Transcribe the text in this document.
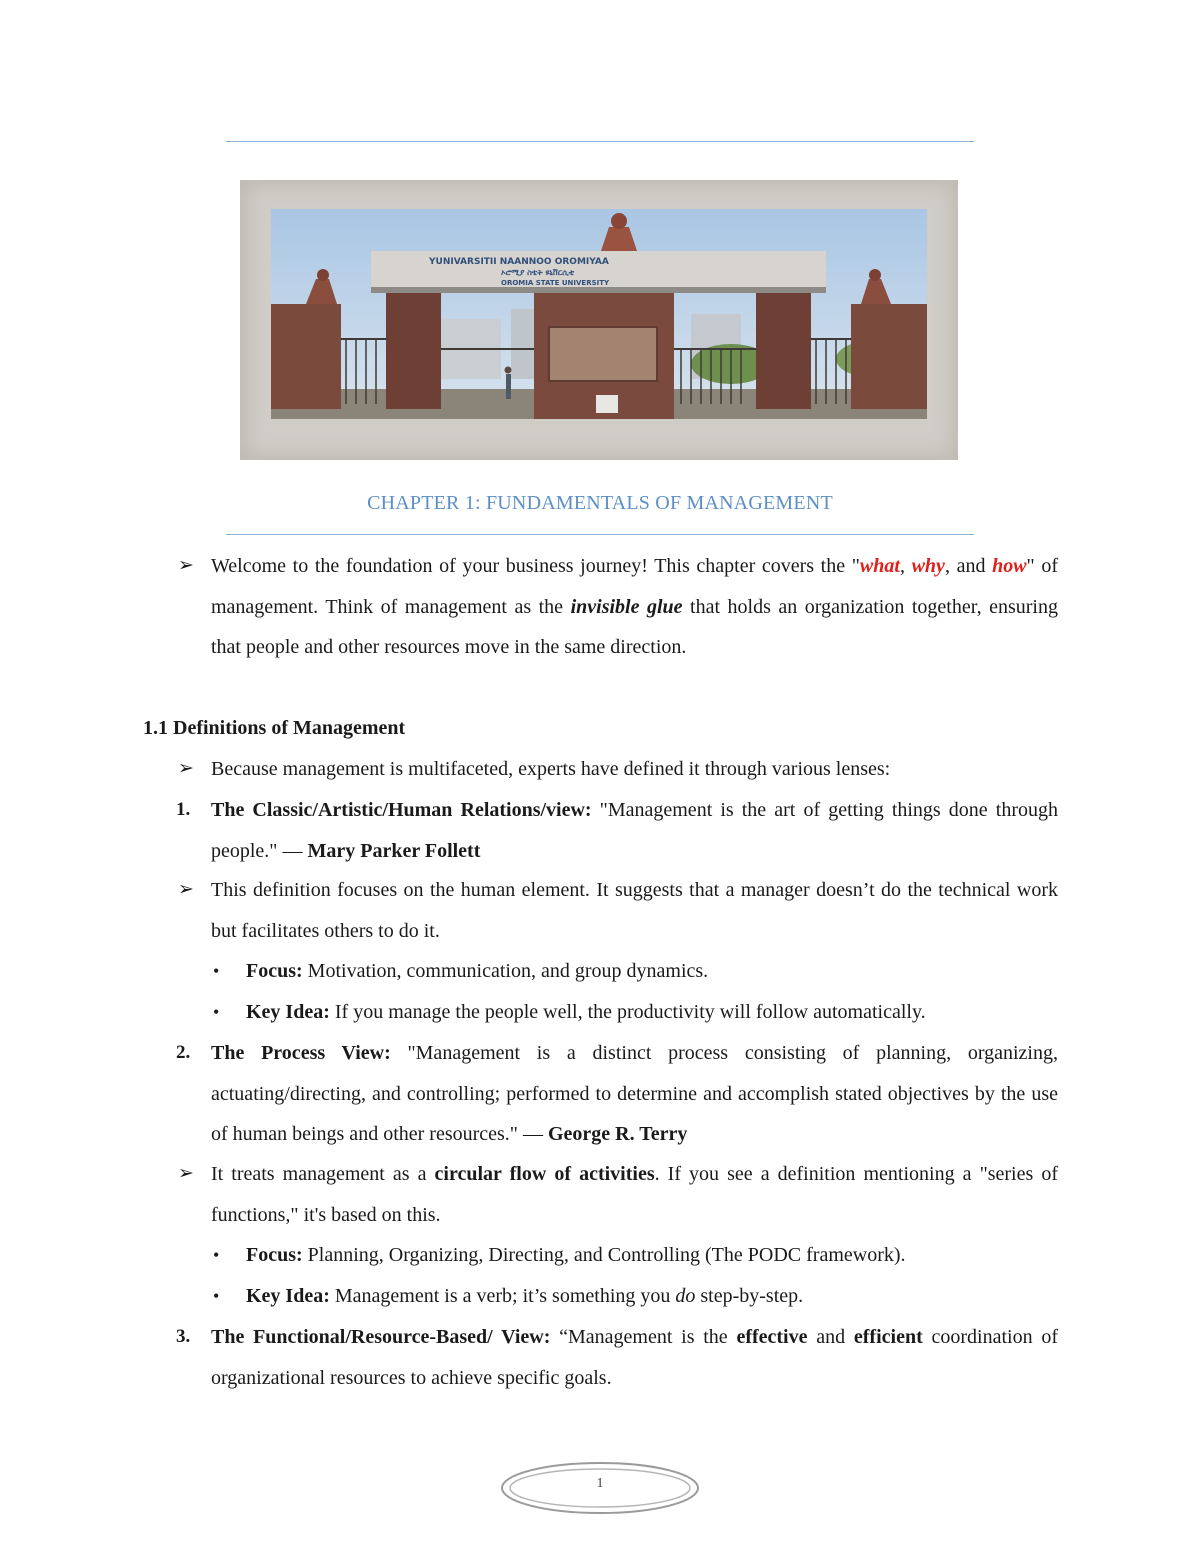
YUNIVARSITII NAANNOO OROMIYAA
ኦሮሚያ ስቴት ዩኒቨርሲቲ
OROMIA STATE UNIVERSITY
CHAPTER 1: FUNDAMENTALS OF MANAGEMENT
➢ Welcome to the foundation of your business journey! This chapter covers the "what, why, and how" of management. Think of management as the invisible glue that holds an organization together, ensuring that people and other resources move in the same direction.

1.1 Definitions of Management
➢ Because management is multifaceted, experts have defined it through various lenses:

1. The Classic/Artistic/Human Relations/view: "Management is the art of getting things done through people." — Mary Parker Follett

➢ This definition focuses on the human element. It suggests that a manager doesn’t do the technical work but facilitates others to do it.

• Focus: Motivation, communication, and group dynamics.

• Key Idea: If you manage the people well, the productivity will follow automatically.

2. The Process View: "Management is a distinct process consisting of planning, organizing, actuating/directing, and controlling; performed to determine and accomplish stated objectives by the use of human beings and other resources." — George R. Terry

➢ It treats management as a circular flow of activities. If you see a definition mentioning a "series of functions," it's based on this.

• Focus: Planning, Organizing, Directing, and Controlling (The PODC framework).

• Key Idea: Management is a verb; it’s something you do step-by-step.

3. The Functional/Resource-Based/ View: “Management is the effective and efficient coordination of organizational resources to achieve specific goals.

1
